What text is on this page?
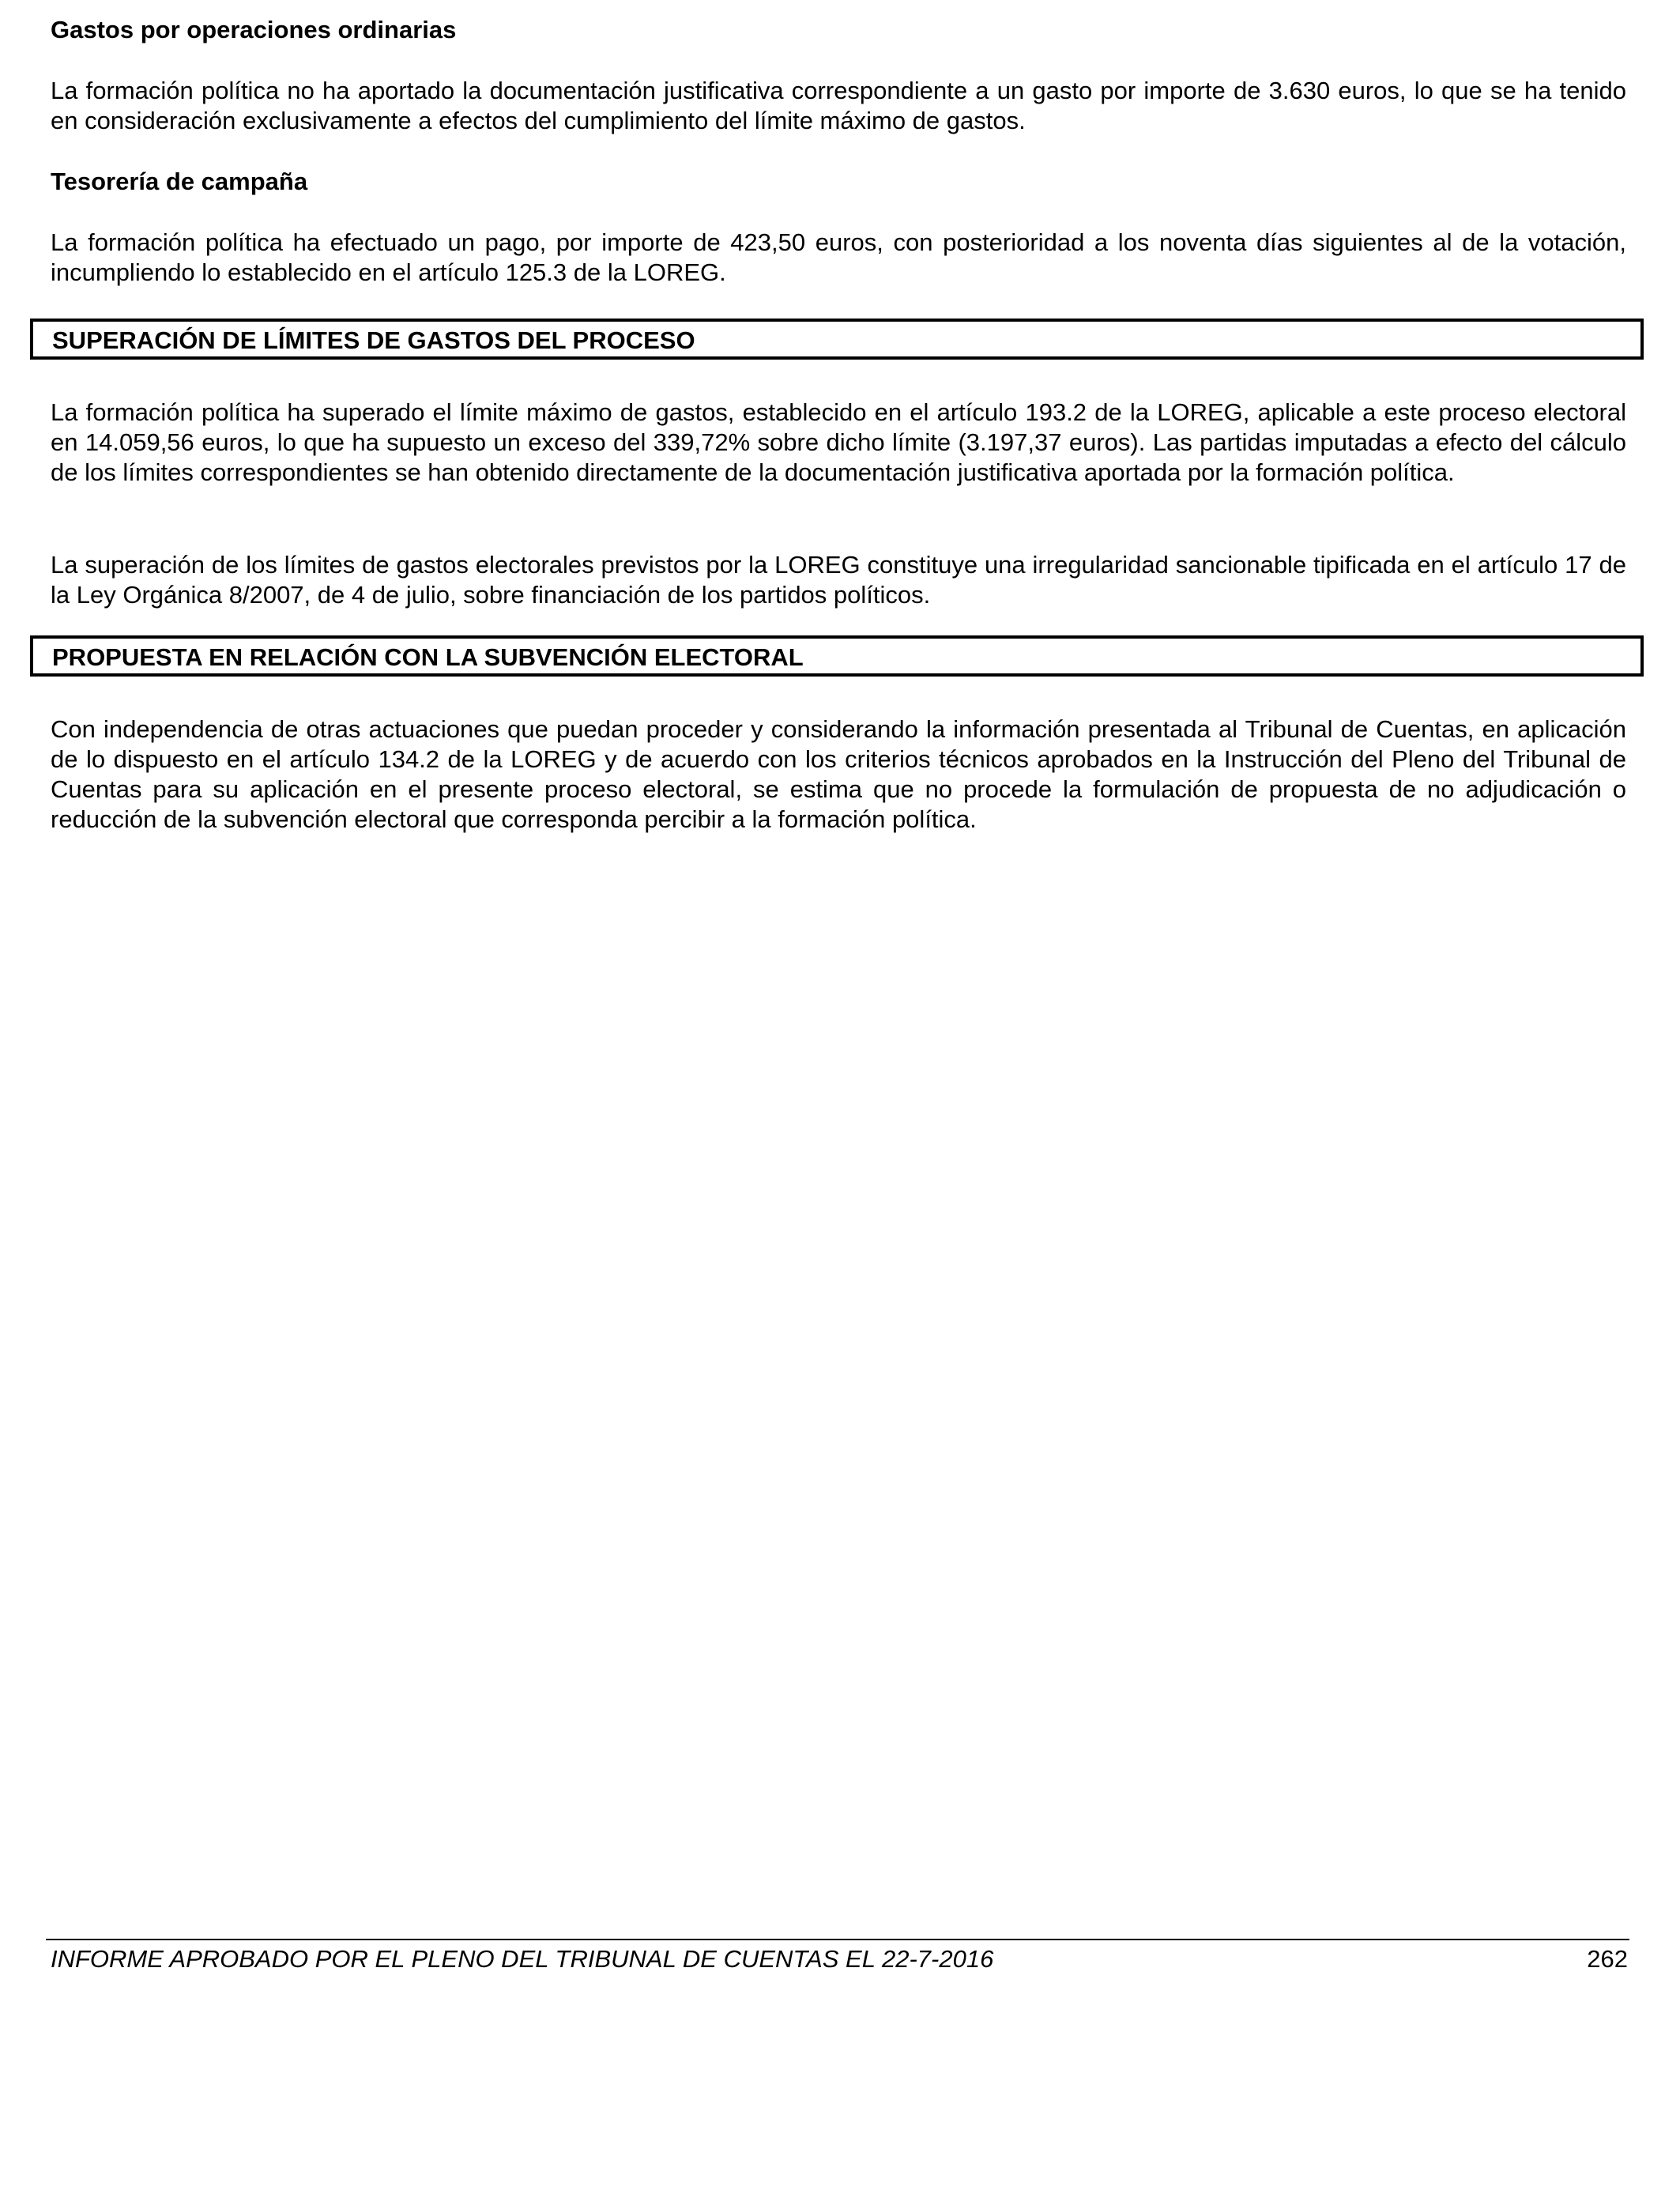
Gastos por operaciones ordinarias

La formación política no ha aportado la documentación justificativa correspondiente a un gasto por importe de 3.630 euros, lo que se ha tenido en consideración exclusivamente a efectos del cumplimiento del límite máximo de gastos.

Tesorería de campaña

La formación política ha efectuado un pago, por importe de 423,50 euros, con posterioridad a los noventa días siguientes al de la votación, incumpliendo lo establecido en el artículo 125.3 de la LOREG.

SUPERACIÓN DE LÍMITES DE GASTOS DEL PROCESO

La formación política ha superado el límite máximo de gastos, establecido en el artículo 193.2 de la LOREG, aplicable a este proceso electoral en 14.059,56 euros, lo que ha supuesto un exceso del 339,72% sobre dicho límite (3.197,37 euros). Las partidas imputadas a efecto del cálculo de los límites correspondientes se han obtenido directamente de la documentación justificativa aportada por la formación política.

La superación de los límites de gastos electorales previstos por la LOREG constituye una irregularidad sancionable tipificada en el artículo 17 de la Ley Orgánica 8/2007, de 4 de julio, sobre financiación de los partidos políticos.

PROPUESTA EN RELACIÓN CON LA SUBVENCIÓN ELECTORAL

Con independencia de otras actuaciones que puedan proceder y considerando la información presentada al Tribunal de Cuentas, en aplicación de lo dispuesto en el artículo 134.2 de la LOREG y de acuerdo con los criterios técnicos aprobados en la Instrucción del Pleno del Tribunal de Cuentas para su aplicación en el presente proceso electoral, se estima que no procede la formulación de propuesta de no adjudicación o reducción de la subvención electoral que corresponda percibir a la formación política.

INFORME APROBADO POR EL PLENO DEL TRIBUNAL DE CUENTAS EL 22-7-2016	262
